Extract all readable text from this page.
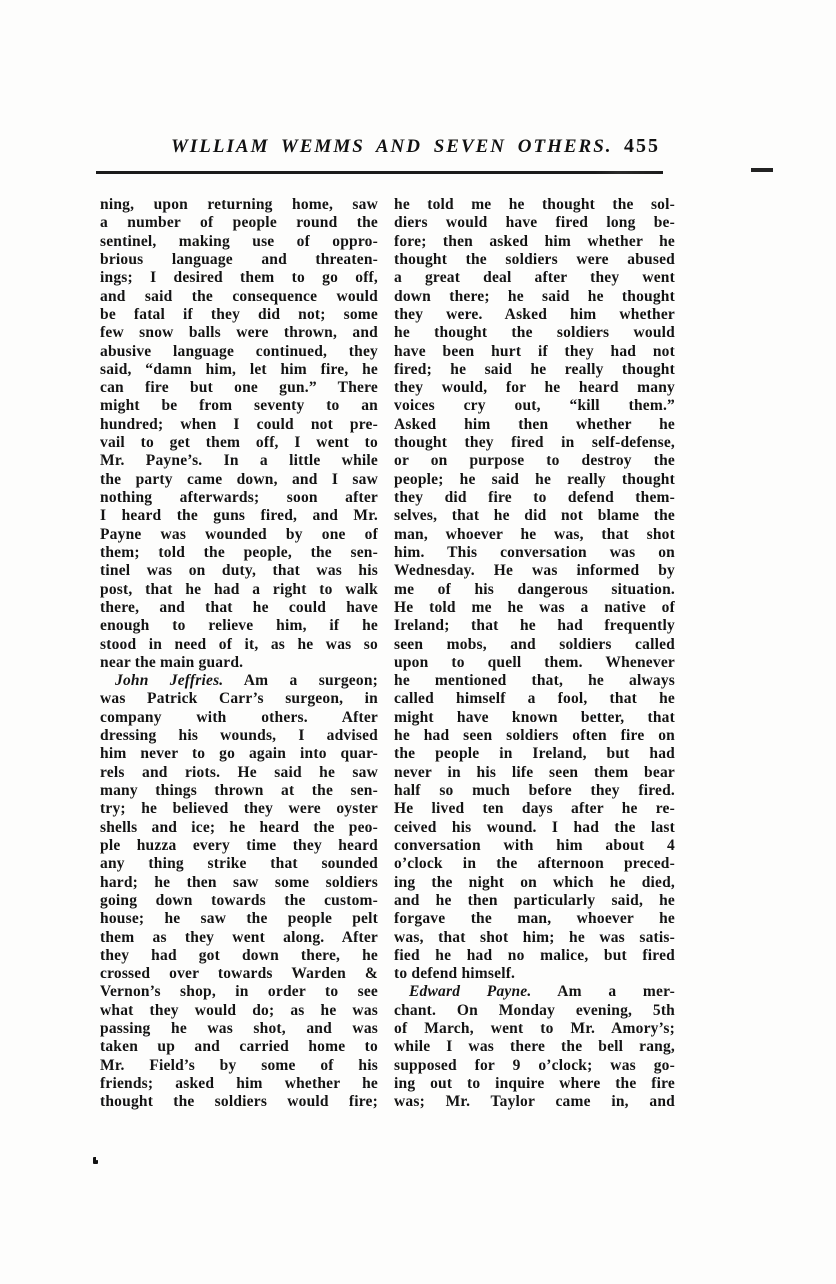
WILLIAM WEMMS AND SEVEN OTHERS. 455
ning, upon returning home, saw
a number of people round the
sentinel, making use of oppro-
brious language and threaten-
ings; I desired them to go off,
and said the consequence would
be fatal if they did not; some
few snow balls were thrown, and
abusive language continued, they
said, “damn him, let him fire, he
can fire but one gun.” There
might be from seventy to an
hundred; when I could not pre-
vail to get them off, I went to
Mr. Payne’s. In a little while
the party came down, and I saw
nothing afterwards; soon after
I heard the guns fired, and Mr.
Payne was wounded by one of
them; told the people, the sen-
tinel was on duty, that was his
post, that he had a right to walk
there, and that he could have
enough to relieve him, if he
stood in need of it, as he was so
near the main guard.
John Jeffries. Am a surgeon;
was Patrick Carr’s surgeon, in
company with others. After
dressing his wounds, I advised
him never to go again into quar-
rels and riots. He said he saw
many things thrown at the sen-
try; he believed they were oyster
shells and ice; he heard the peo-
ple huzza every time they heard
any thing strike that sounded
hard; he then saw some soldiers
going down towards the custom-
house; he saw the people pelt
them as they went along. After
they had got down there, he
crossed over towards Warden &
Vernon’s shop, in order to see
what they would do; as he was
passing he was shot, and was
taken up and carried home to
Mr. Field’s by some of his
friends; asked him whether he
thought the soldiers would fire;
he told me he thought the sol-
diers would have fired long be-
fore; then asked him whether he
thought the soldiers were abused
a great deal after they went
down there; he said he thought
they were. Asked him whether
he thought the soldiers would
have been hurt if they had not
fired; he said he really thought
they would, for he heard many
voices cry out, “kill them.”
Asked him then whether he
thought they fired in self-defense,
or on purpose to destroy the
people; he said he really thought
they did fire to defend them-
selves, that he did not blame the
man, whoever he was, that shot
him. This conversation was on
Wednesday. He was informed by
me of his dangerous situation.
He told me he was a native of
Ireland; that he had frequently
seen mobs, and soldiers called
upon to quell them. Whenever
he mentioned that, he always
called himself a fool, that he
might have known better, that
he had seen soldiers often fire on
the people in Ireland, but had
never in his life seen them bear
half so much before they fired.
He lived ten days after he re-
ceived his wound. I had the last
conversation with him about 4
o’clock in the afternoon preced-
ing the night on which he died,
and he then particularly said, he
forgave the man, whoever he
was, that shot him; he was satis-
fied he had no malice, but fired
to defend himself.
Edward Payne. Am a mer-
chant. On Monday evening, 5th
of March, went to Mr. Amory’s;
while I was there the bell rang,
supposed for 9 o’clock; was go-
ing out to inquire where the fire
was; Mr. Taylor came in, and
